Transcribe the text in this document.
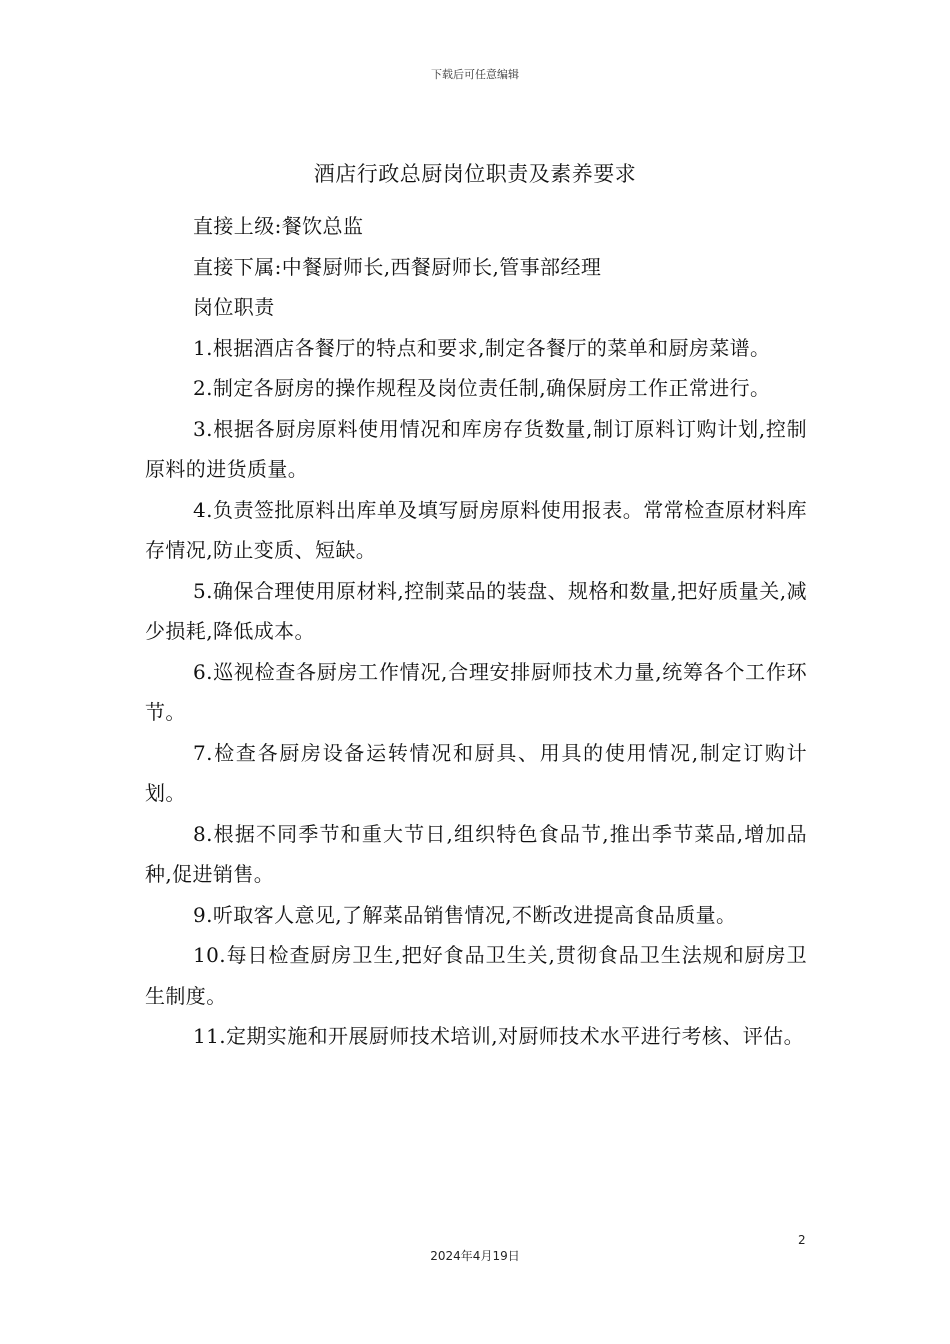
下载后可任意编辑
酒店行政总厨岗位职责及素养要求

直接上级:餐饮总监

直接下属:中餐厨师长,西餐厨师长,管事部经理

岗位职责

1.根据酒店各餐厅的特点和要求,制定各餐厅的菜单和厨房菜谱。

2.制定各厨房的操作规程及岗位责任制,确保厨房工作正常进行。

3.根据各厨房原料使用情况和库房存货数量,制订原料订购计划,控制原料的进货质量。

4.负责签批原料出库单及填写厨房原料使用报表。常常检查原材料库存情况,防止变质、短缺。

5.确保合理使用原材料,控制菜品的装盘、规格和数量,把好质量关,减少损耗,降低成本。

6.巡视检查各厨房工作情况,合理安排厨师技术力量,统筹各个工作环节。

7.检查各厨房设备运转情况和厨具、用具的使用情况,制定订购计划。

8.根据不同季节和重大节日,组织特色食品节,推出季节菜品,增加品种,促进销售。

9.听取客人意见,了解菜品销售情况,不断改进提高食品质量。

10.每日检查厨房卫生,把好食品卫生关,贯彻食品卫生法规和厨房卫生制度。

11.定期实施和开展厨师技术培训,对厨师技术水平进行考核、评估。

2
2024年4月19日
